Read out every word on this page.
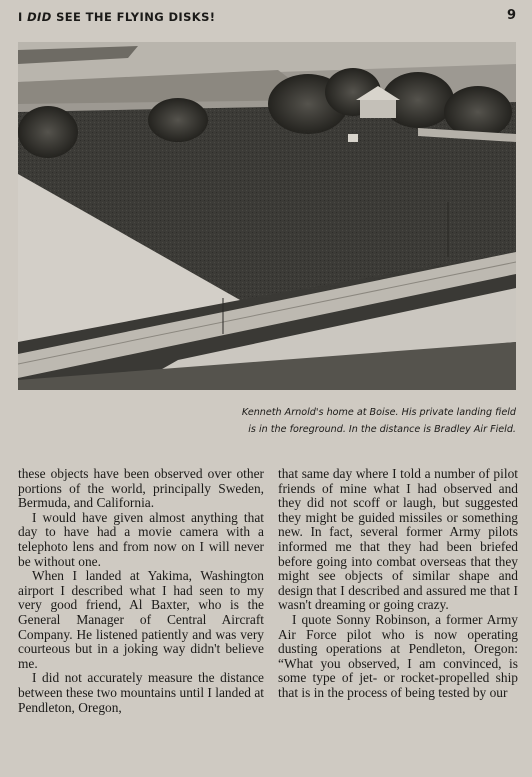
I DID SEE THE FLYING DISKS!	9
Kenneth Arnold's home at Boise. His private landing field
is in the foreground. In the distance is Bradley Air Field.

these objects have been observed over other portions of the world, principally Sweden, Bermuda, and California.

I would have given almost anything that day to have had a movie camera with a telephoto lens and from now on I will never be without one.

When I landed at Yakima, Washington airport I described what I had seen to my very good friend, Al Baxter, who is the General Manager of Central Aircraft Company. He listened patiently and was very courteous but in a joking way didn't believe me.

I did not accurately measure the distance between these two mountains until I landed at Pendleton, Oregon,

that same day where I told a number of pilot friends of mine what I had observed and they did not scoff or laugh, but suggested they might be guided missiles or something new. In fact, several former Army pilots informed me that they had been briefed before going into combat overseas that they might see objects of similar shape and design that I described and assured me that I wasn't dreaming or going crazy.

I quote Sonny Robinson, a former Army Air Force pilot who is now operating dusting operations at Pendleton, Oregon: “What you observed, I am convinced, is some type of jet- or rocket-propelled ship that is in the process of being tested by our
